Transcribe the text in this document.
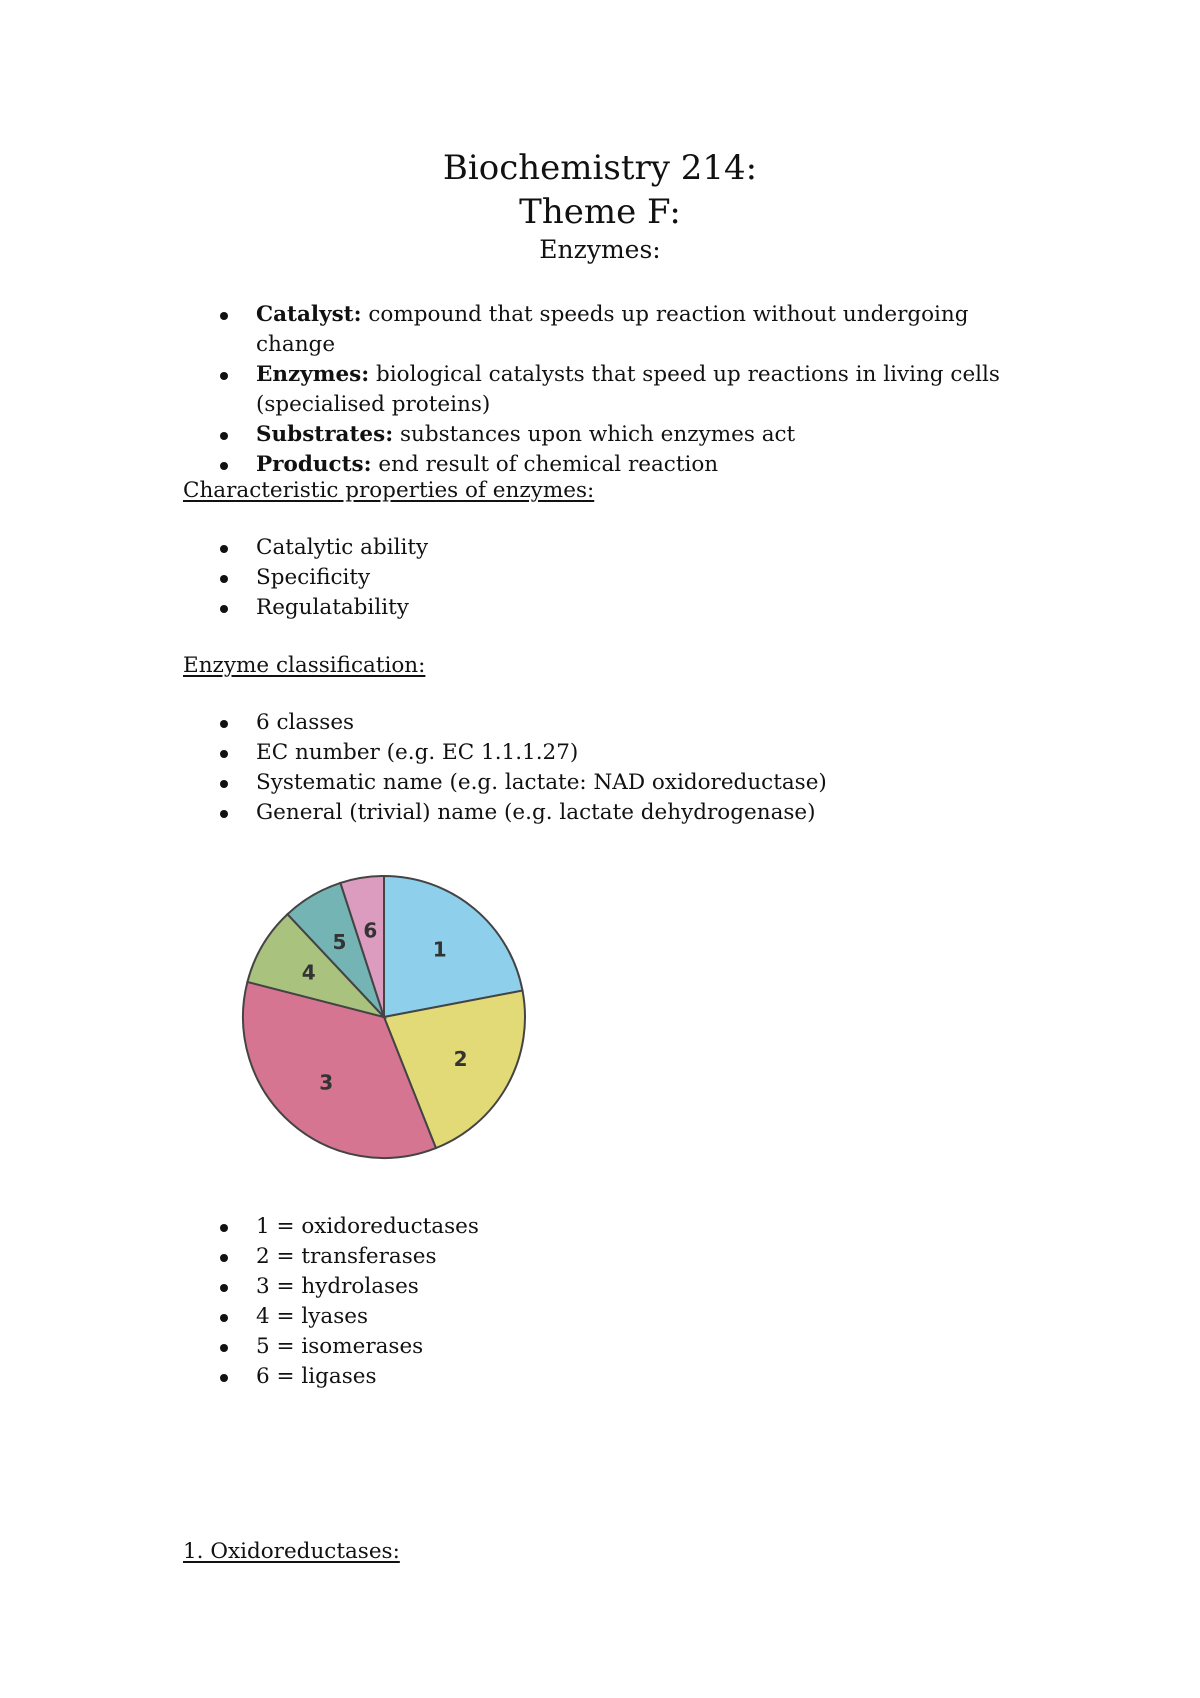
Biochemistry 214:
Theme F:
Enzymes:
Catalyst: compound that speeds up reaction without undergoing change
Enzymes: biological catalysts that speed up reactions in living cells (specialised proteins)
Substrates: substances upon which enzymes act
Products: end result of chemical reaction
Characteristic properties of enzymes:
Catalytic ability
Specificity
Regulatability
Enzyme classification:
6 classes
EC number (e.g. EC 1.1.1.27)
Systematic name (e.g. lactate: NAD oxidoreductase)
General (trivial) name (e.g. lactate dehydrogenase)
1
2
3
4
5 6
1 = oxidoreductases
2 = transferases
3 = hydrolases
4 = lyases
5 = isomerases
6 = ligases
1. Oxidoreductases:
